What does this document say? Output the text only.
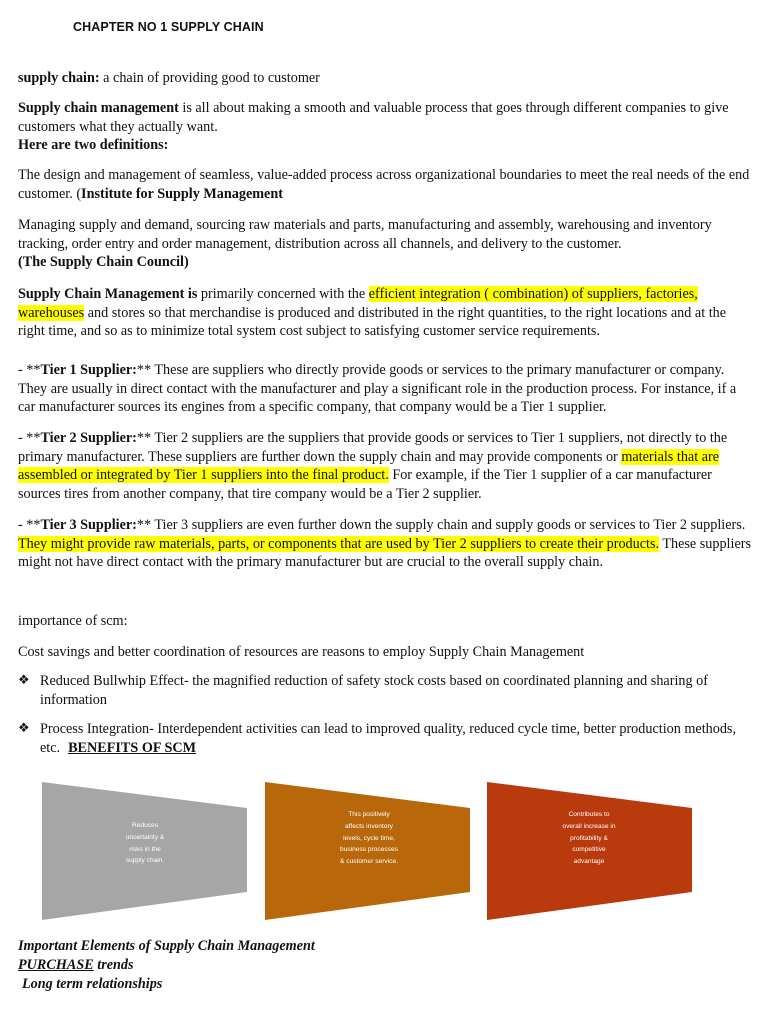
CHAPTER NO 1 SUPPLY CHAIN

supply chain: a chain of providing good to customer

Supply chain management is all about making a smooth and valuable process that goes through different companies to give customers what they actually want.
Here are two definitions:

The design and management of seamless, value-added process across organizational boundaries to meet the real needs of the end customer. (Institute for Supply Management

Managing supply and demand, sourcing raw materials and parts, manufacturing and assembly, warehousing and inventory tracking, order entry and order management, distribution across all channels, and delivery to the customer.
(The Supply Chain Council)

Supply Chain Management is primarily concerned with the efficient integration ( combination) of suppliers, factories, warehouses and stores so that merchandise is produced and distributed in the right quantities, to the right locations and at the right time, and so as to minimize total system cost subject to satisfying customer service requirements.

- **Tier 1 Supplier:** These are suppliers who directly provide goods or services to the primary manufacturer or company. They are usually in direct contact with the manufacturer and play a significant role in the production process. For instance, if a car manufacturer sources its engines from a specific company, that company would be a Tier 1 supplier.

- **Tier 2 Supplier:** Tier 2 suppliers are the suppliers that provide goods or services to Tier 1 suppliers, not directly to the primary manufacturer. These suppliers are further down the supply chain and may provide components or materials that are assembled or integrated by Tier 1 suppliers into the final product. For example, if the Tier 1 supplier of a car manufacturer sources tires from another company, that tire company would be a Tier 2 supplier.

- **Tier 3 Supplier:** Tier 3 suppliers are even further down the supply chain and supply goods or services to Tier 2 suppliers. They might provide raw materials, parts, or components that are used by Tier 2 suppliers to create their products. These suppliers might not have direct contact with the primary manufacturer but are crucial to the overall supply chain.

importance of scm:

Cost savings and better coordination of resources are reasons to employ Supply Chain Management

❖ Reduced Bullwhip Effect- the magnified reduction of safety stock costs based on coordinated planning and sharing of information
❖ Process Integration- Interdependent activities can lead to improved quality, reduced cycle time, better production methods, etc. BENEFITS OF SCM
Reduces uncertainty & risks in the supply chain.
This positively affects inventory levels, cycle time, business processes & customer service.
Contributes to overall increase in profitability & competitive advantage
Important Elements of Supply Chain Management
PURCHASE trends
Long term relationships
